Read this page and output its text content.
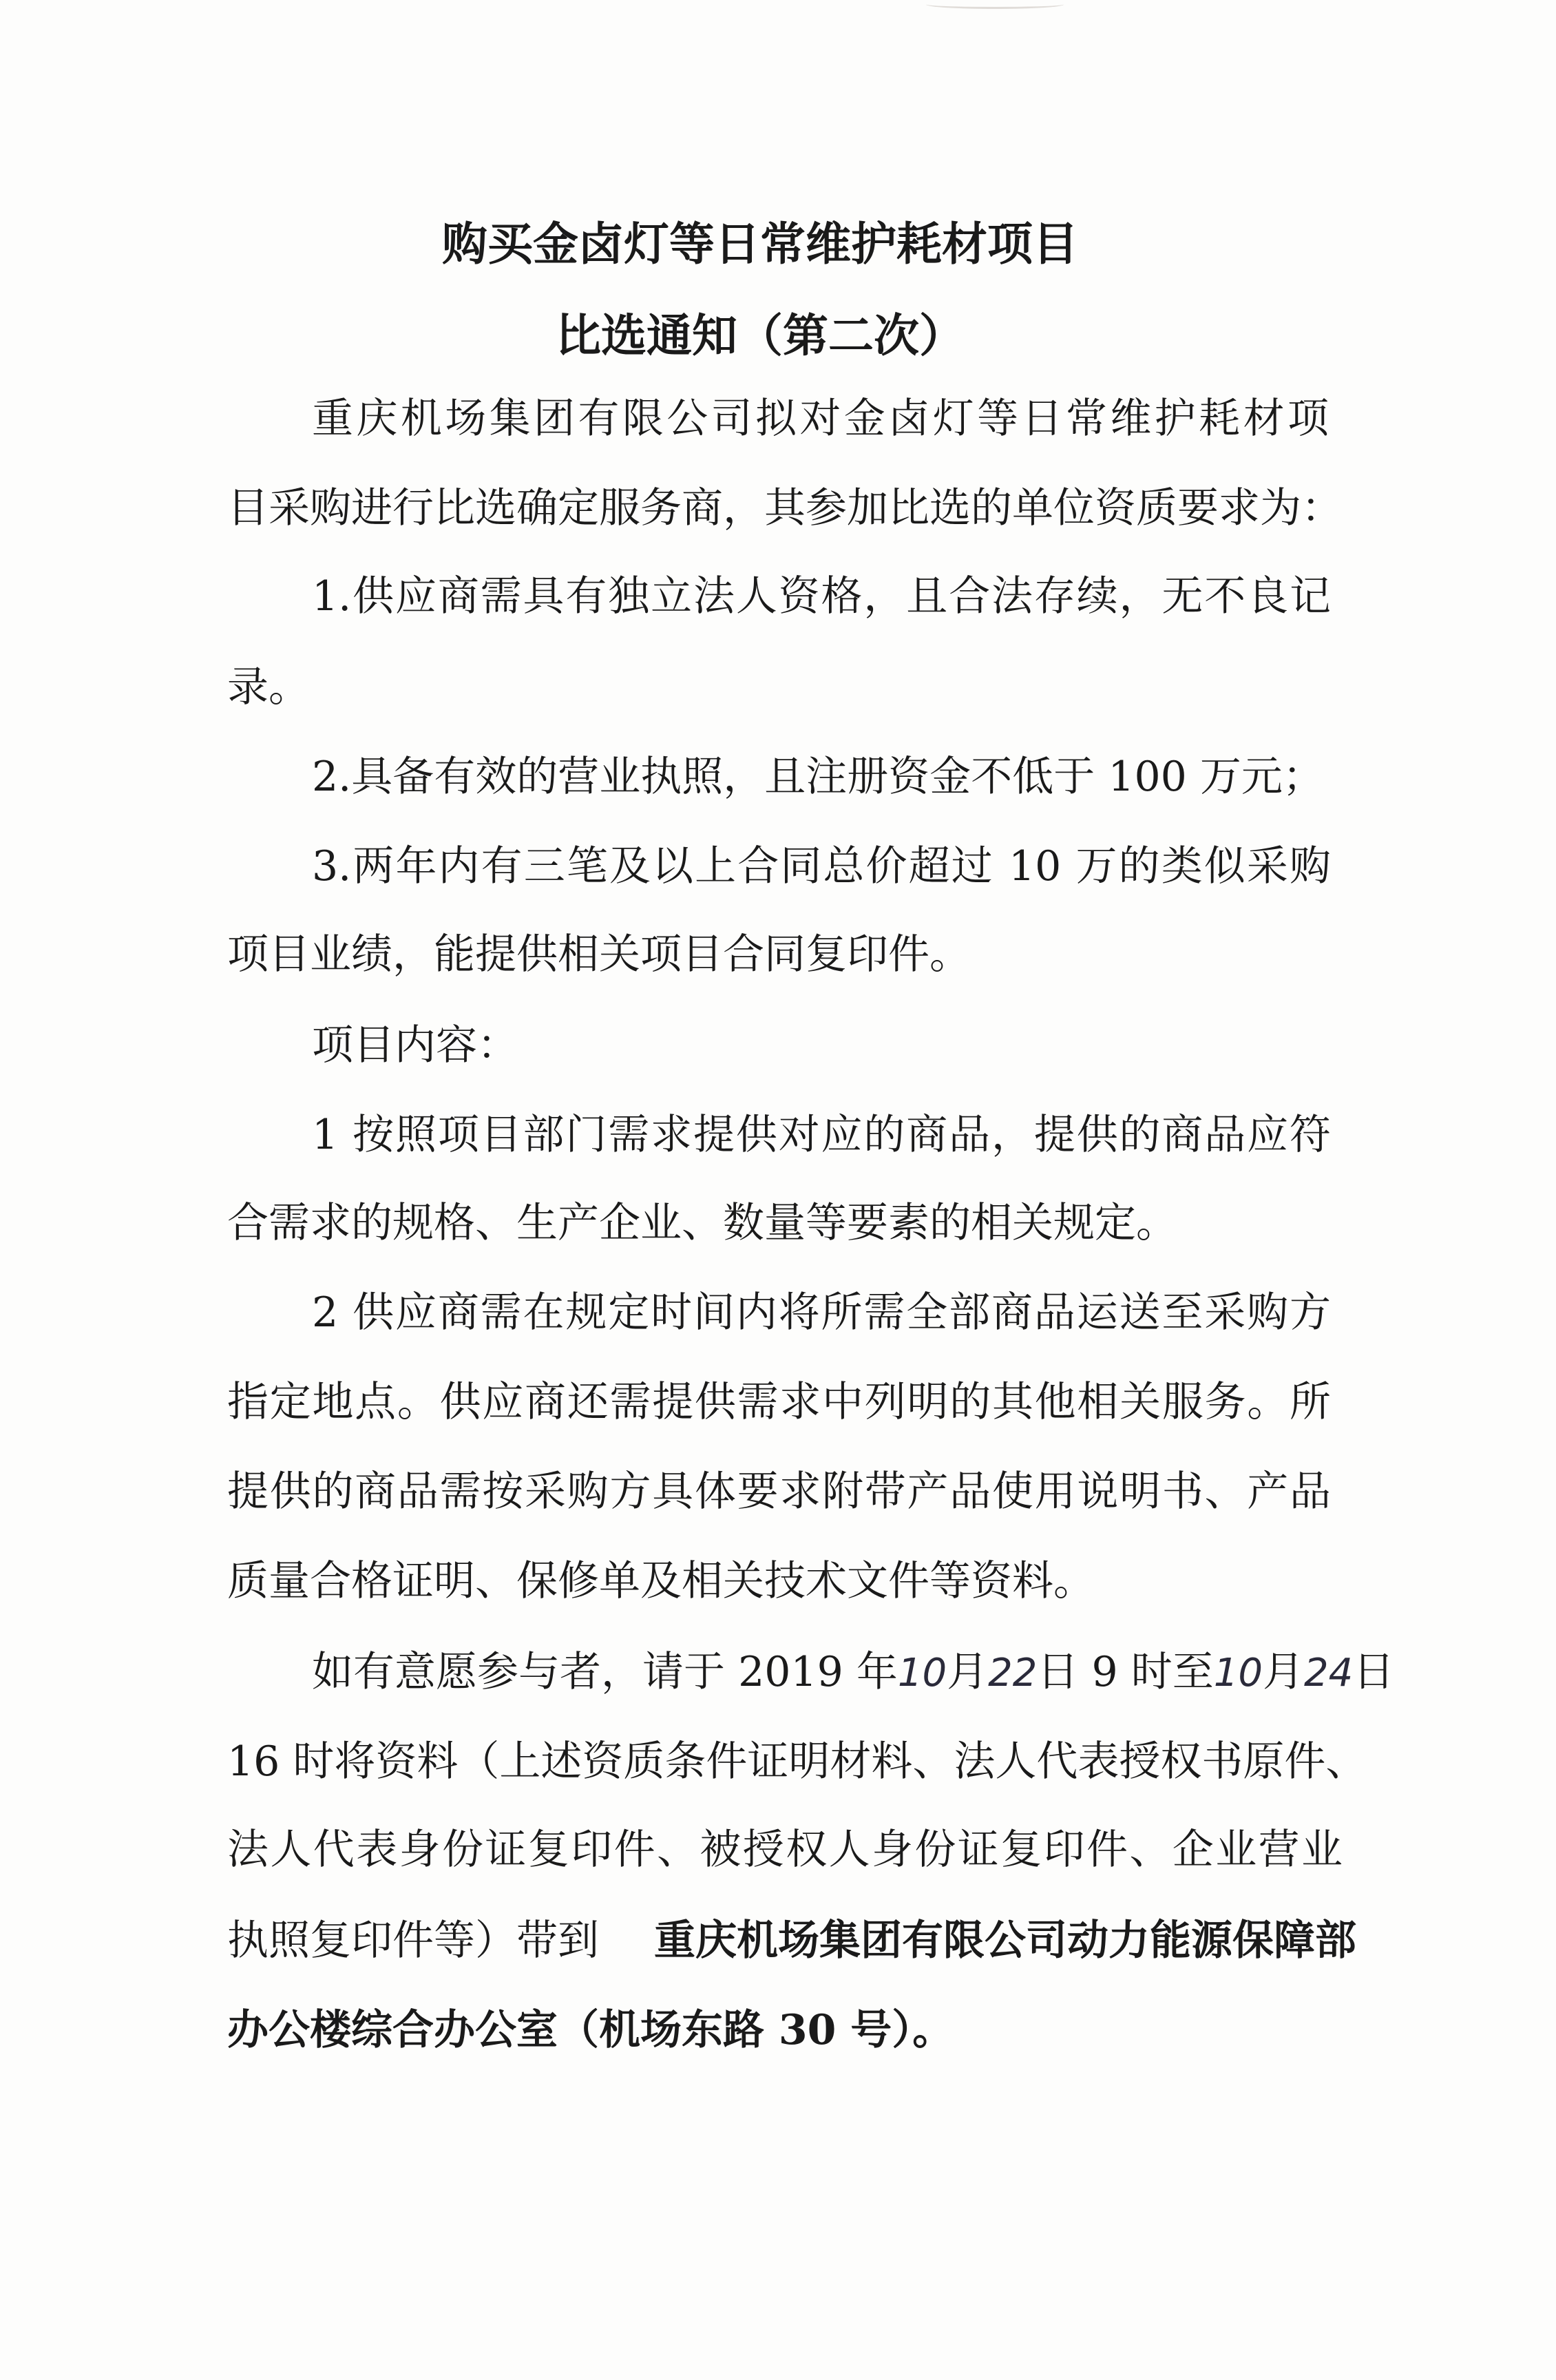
购买金卤灯等日常维护耗材项目
比选通知（第二次）
重庆机场集团有限公司拟对金卤灯等日常维护耗材项
目采购进行比选确定服务商，其参加比选的单位资质要求为：
1.供应商需具有独立法人资格，且合法存续，无不良记
录。
2.具备有效的营业执照，且注册资金不低于 100 万元；
3.两年内有三笔及以上合同总价超过 10 万的类似采购
项目业绩，能提供相关项目合同复印件。
项目内容：
1 按照项目部门需求提供对应的商品，提供的商品应符
合需求的规格、生产企业、数量等要素的相关规定。
2 供应商需在规定时间内将所需全部商品运送至采购方
指定地点。供应商还需提供需求中列明的其他相关服务。所
提供的商品需按采购方具体要求附带产品使用说明书、产品
质量合格证明、保修单及相关技术文件等资料。
如有意愿参与者，请于 2019 年 10 月 22 日 9 时至 10 月 24 日
16 时将资料（上述资质条件证明材料、法人代表授权书原件、
法人代表身份证复印件、被授权人身份证复印件、企业营业
执照复印件等）带到 重庆机场集团有限公司动力能源保障部
办公楼综合办公室（机场东路 30 号）。
